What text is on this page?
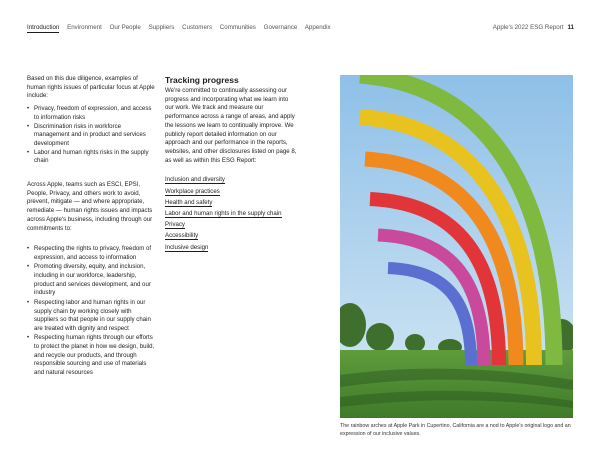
Introduction Environment Our People Suppliers Customers Communities Governance Appendix	Apple's 2022 ESG Report 11

Based on this due diligence, examples of human rights issues of particular focus at Apple include:

• Privacy, freedom of expression, and access to information risks
• Discrimination risks in workforce management and in product and services development
• Labor and human rights risks in the supply chain

Across Apple, teams such as ESCI, EPSI, People, Privacy, and others work to avoid, prevent, mitigate — and where appropriate, remediate — human rights issues and impacts across Apple's business, including through our commitments to:

• Respecting the rights to privacy, freedom of expression, and access to information
• Promoting diversity, equity, and inclusion, including in our workforce, leadership, product and services development, and our industry
• Respecting labor and human rights in our supply chain by working closely with suppliers so that people in our supply chain are treated with dignity and respect
• Respecting human rights through our efforts to protect the planet in how we design, build, and recycle our products, and through responsible sourcing and use of materials and natural resources
Tracking progress

We're committed to continually assessing our progress and incorporating what we learn into our work. We track and measure our performance across a range of areas, and apply the lessons we learn to continually improve. We publicly report detailed information on our approach and our performance in the reports, websites, and other disclosures listed on page 8, as well as within this ESG Report:

Inclusion and diversity
Workplace practices
Health and safety
Labor and human rights in the supply chain
Privacy
Accessibility
Inclusive design
The rainbow arches at Apple Park in Cupertino, California are a nod to Apple's original logo and an expression of our inclusive values.
